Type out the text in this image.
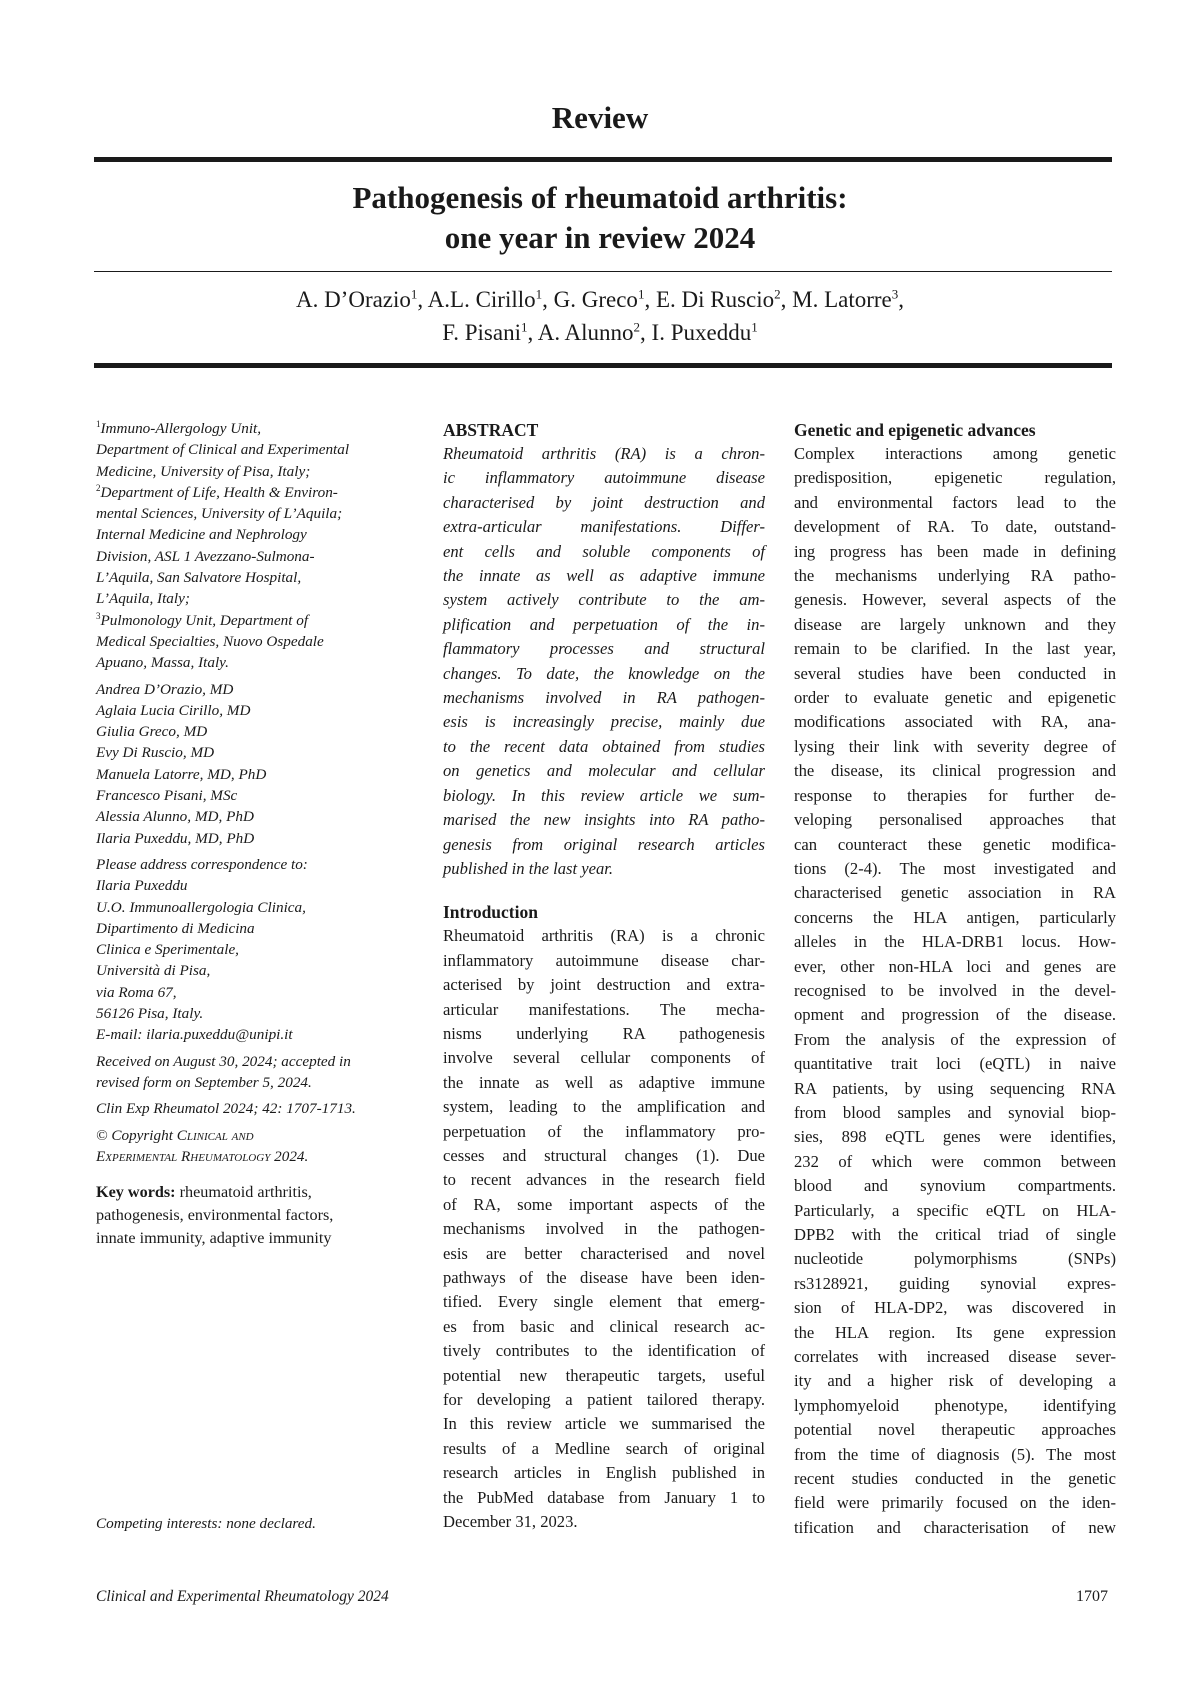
Review
Pathogenesis of rheumatoid arthritis:
one year in review 2024
A. D’Orazio$^1$, A.L. Cirillo$^1$, G. Greco$^1$, E. Di Ruscio$^2$, M. Latorre$^3$,
F. Pisani$^1$, A. Alunno$^2$, I. Puxeddu$^1$
$^1$Immuno-Allergology Unit,
Department of Clinical and Experimental
Medicine, University of Pisa, Italy;
$^2$Department of Life, Health & Environ-
mental Sciences, University of L’Aquila;
Internal Medicine and Nephrology
Division, ASL 1 Avezzano-Sulmona-
L’Aquila, San Salvatore Hospital,
L’Aquila, Italy;
$^3$Pulmonology Unit, Department of
Medical Specialties, Nuovo Ospedale
Apuano, Massa, Italy.
Andrea D’Orazio, MD
Aglaia Lucia Cirillo, MD
Giulia Greco, MD
Evy Di Ruscio, MD
Manuela Latorre, MD, PhD
Francesco Pisani, MSc
Alessia Alunno, MD, PhD
Ilaria Puxeddu, MD, PhD
Please address correspondence to:
Ilaria Puxeddu
U.O. Immunoallergologia Clinica,
Dipartimento di Medicina
Clinica e Sperimentale,
Università di Pisa,
via Roma 67,
56126 Pisa, Italy.
E-mail: ilaria.puxeddu@unipi.it
Received on August 30, 2024; accepted in
revised form on September 5, 2024.
Clin Exp Rheumatol 2024; 42: 1707-1713.
© Copyright Clinical and
Experimental Rheumatology 2024.
Key words: rheumatoid arthritis,
pathogenesis, environmental factors,
innate immunity, adaptive immunity
Competing interests: none declared.
ABSTRACT
Rheumatoid arthritis (RA) is a chron-
ic inflammatory autoimmune disease
characterised by joint destruction and
extra-articular manifestations. Differ-
ent cells and soluble components of
the innate as well as adaptive immune
system actively contribute to the am-
plification and perpetuation of the in-
flammatory processes and structural
changes. To date, the knowledge on the
mechanisms involved in RA pathogen-
esis is increasingly precise, mainly due
to the recent data obtained from studies
on genetics and molecular and cellular
biology. In this review article we sum-
marised the new insights into RA patho-
genesis from original research articles
published in the last year.
Introduction
Rheumatoid arthritis (RA) is a chronic
inflammatory autoimmune disease char-
acterised by joint destruction and extra-
articular manifestations. The mecha-
nisms underlying RA pathogenesis
involve several cellular components of
the innate as well as adaptive immune
system, leading to the amplification and
perpetuation of the inflammatory pro-
cesses and structural changes (1). Due
to recent advances in the research field
of RA, some important aspects of the
mechanisms involved in the pathogen-
esis are better characterised and novel
pathways of the disease have been iden-
tified. Every single element that emerg-
es from basic and clinical research ac-
tively contributes to the identification of
potential new therapeutic targets, useful
for developing a patient tailored therapy.
In this review article we summarised the
results of a Medline search of original
research articles in English published in
the PubMed database from January 1 to
December 31, 2023.
Genetic and epigenetic advances
Complex interactions among genetic
predisposition, epigenetic regulation,
and environmental factors lead to the
development of RA. To date, outstand-
ing progress has been made in defining
the mechanisms underlying RA patho-
genesis. However, several aspects of the
disease are largely unknown and they
remain to be clarified. In the last year,
several studies have been conducted in
order to evaluate genetic and epigenetic
modifications associated with RA, ana-
lysing their link with severity degree of
the disease, its clinical progression and
response to therapies for further de-
veloping personalised approaches that
can counteract these genetic modifica-
tions (2-4). The most investigated and
characterised genetic association in RA
concerns the HLA antigen, particularly
alleles in the HLA-DRB1 locus. How-
ever, other non-HLA loci and genes are
recognised to be involved in the devel-
opment and progression of the disease.
From the analysis of the expression of
quantitative trait loci (eQTL) in naive
RA patients, by using sequencing RNA
from blood samples and synovial biop-
sies, 898 eQTL genes were identifies,
232 of which were common between
blood and synovium compartments.
Particularly, a specific eQTL on HLA-
DPB2 with the critical triad of single
nucleotide polymorphisms (SNPs)
rs3128921, guiding synovial expres-
sion of HLA-DP2, was discovered in
the HLA region. Its gene expression
correlates with increased disease sever-
ity and a higher risk of developing a
lymphomyeloid phenotype, identifying
potential novel therapeutic approaches
from the time of diagnosis (5). The most
recent studies conducted in the genetic
field were primarily focused on the iden-
tification and characterisation of new
Clinical and Experimental Rheumatology 2024	1707
